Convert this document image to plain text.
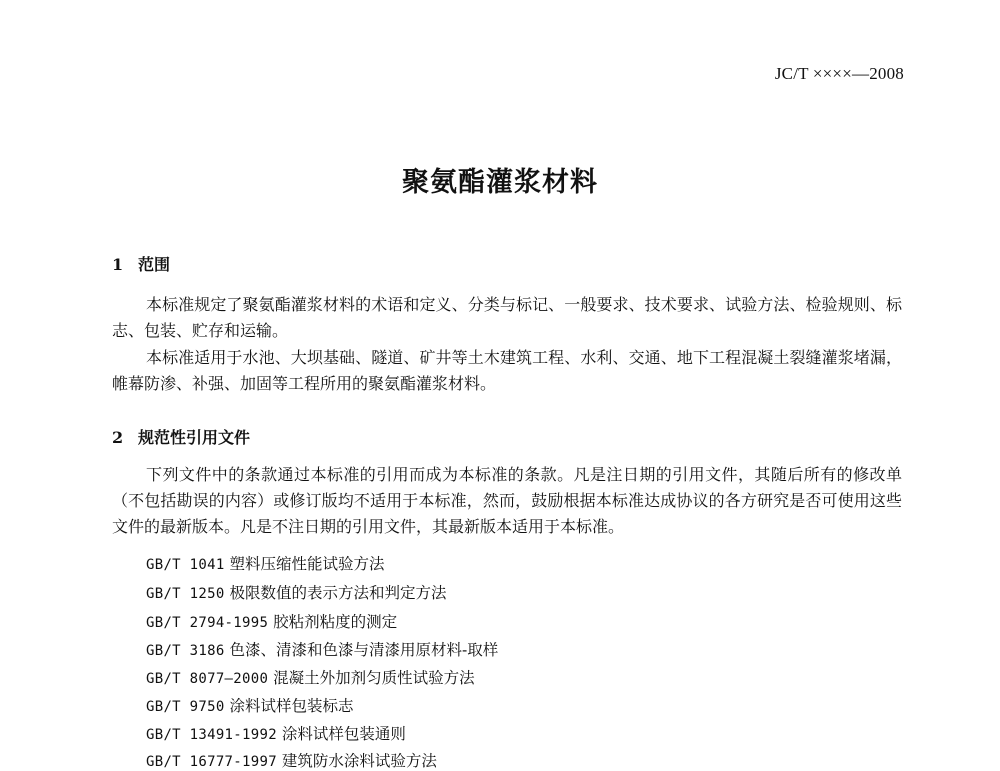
JC/T ××××—2008
聚氨酯灌浆材料
1 范围
本标准规定了聚氨酯灌浆材料的术语和定义、分类与标记、一般要求、技术要求、试验方法、检验规则、标志、包装、贮存和运输。
本标准适用于水池、大坝基础、隧道、矿井等土木建筑工程、水利、交通、地下工程混凝土裂缝灌浆堵漏，帷幕防渗、补强、加固等工程所用的聚氨酯灌浆材料。
2 规范性引用文件
下列文件中的条款通过本标准的引用而成为本标准的条款。凡是注日期的引用文件，其随后所有的修改单（不包括勘误的内容）或修订版均不适用于本标准，然而，鼓励根据本标准达成协议的各方研究是否可使用这些文件的最新版本。凡是不注日期的引用文件，其最新版本适用于本标准。
GB/T 1041 塑料压缩性能试验方法
GB/T 1250 极限数值的表示方法和判定方法
GB/T 2794-1995 胶粘剂粘度的测定
GB/T 3186 色漆、清漆和色漆与清漆用原材料-取样
GB/T 8077—2000 混凝土外加剂匀质性试验方法
GB/T 9750 涂料试样包装标志
GB/T 13491-1992 涂料试样包装通则
GB/T 16777-1997 建筑防水涂料试验方法
